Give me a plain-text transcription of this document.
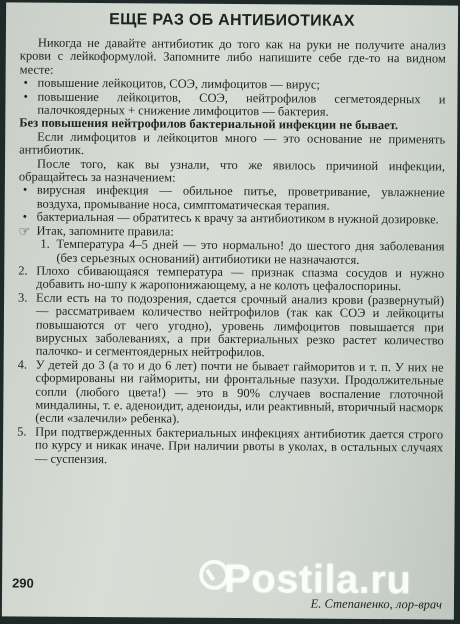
ЕЩЕ РАЗ ОБ АНТИБИОТИКАХ

Никогда не давайте антибиотик до того как на руки не получите анализ крови с лейкоформулой. Запомните либо напишите себе где-то на видном месте:

• повышение лейкоцитов, СОЭ, лимфоцитов — вирус;
• повышение лейкоцитов, СОЭ, нейтрофилов сегметоядерных и палочкоядерных + снижение лимфоцитов — бактерия.

Без повышения нейтрофилов бактериальной инфекции не бывает.

Если лимфоцитов и лейкоцитов много — это основание не применять антибиотик.

После того, как вы узнали, что же явилось причиной инфекции, обращайтесь за назначением:

• вирусная инфекция — обильное питье, проветривание, увлажнение воздуха, промывание носа, симптоматическая терапия.
• бактериальная — обратитесь к врачу за антибиотиком в нужной дозировке.
☞ Итак, запомните правила:

1. Температура 4–5 дней — это нормально! до шестого дня заболевания (без серьезных оснований) антибиотики не назначаются.
2. Плохо сбивающаяся температура — признак спазма сосудов и нужно добавить но-шпу к жаропонижающему, а не колоть цефалоспорины.
3. Если есть на то подозрения, сдается срочный анализ крови (развернутый) — рассматриваем количество нейтрофилов (так как СОЭ и лейкоциты повышаются от чего угодно), уровень лимфоцитов повышается при вирусных заболеваниях, а при бактериальных резко растет количество палочко- и сегментоядерных нейтрофилов.
4. У детей до 3 (а то и до 6 лет) почти не бывает гайморитов и т. п. У них не сформированы ни гаймориты, ни фронтальные пазухи. Продолжительные сопли (любого цвета!) — это в 90% случаев воспаление глоточной миндалины, т. е. аденоидит, аденоиды, или реактивный, вторичный насморк (если «залечили» ребенка).
5. При подтвержденных бактериальных инфекциях антибиотик дается строго по курсу и никак иначе. При наличии рвоты в уколах, в остальных случаях — суспензия.
290
Е. Степаненко, лор-врач
Postila.ru
